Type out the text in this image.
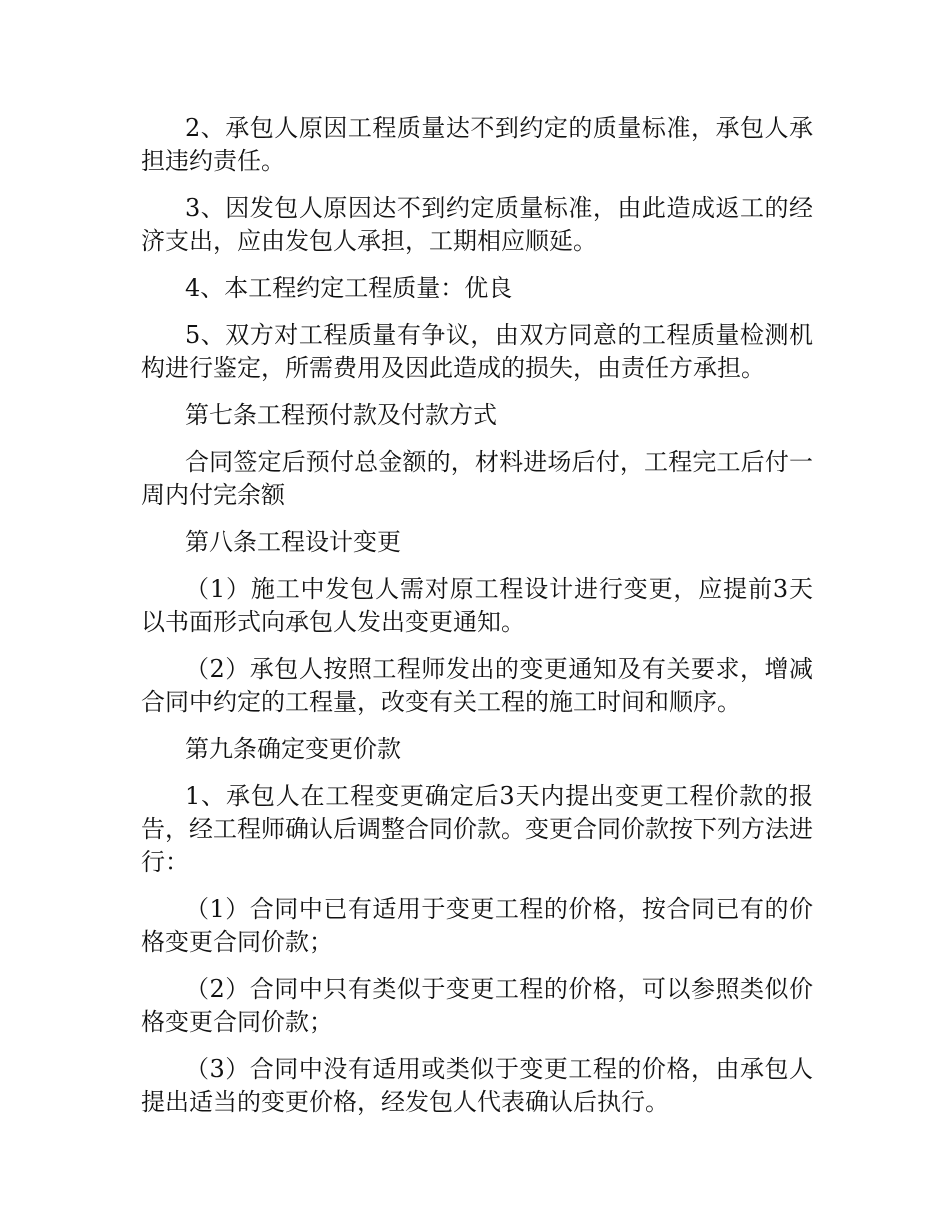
2、承包人原因工程质量达不到约定的质量标准，承包人承担违约责任。

3、因发包人原因达不到约定质量标准，由此造成返工的经济支出，应由发包人承担，工期相应顺延。

4、本工程约定工程质量：优良

5、双方对工程质量有争议，由双方同意的工程质量检测机构进行鉴定，所需费用及因此造成的损失，由责任方承担。

第七条工程预付款及付款方式

合同签定后预付总金额的，材料进场后付，工程完工后付一周内付完余额

第八条工程设计变更

（1）施工中发包人需对原工程设计进行变更，应提前3天以书面形式向承包人发出变更通知。

（2）承包人按照工程师发出的变更通知及有关要求，增减合同中约定的工程量，改变有关工程的施工时间和顺序。

第九条确定变更价款

1、承包人在工程变更确定后3天内提出变更工程价款的报告，经工程师确认后调整合同价款。变更合同价款按下列方法进行：

（1）合同中已有适用于变更工程的价格，按合同已有的价格变更合同价款；

（2）合同中只有类似于变更工程的价格，可以参照类似价格变更合同价款；

（3）合同中没有适用或类似于变更工程的价格，由承包人提出适当的变更价格，经发包人代表确认后执行。
